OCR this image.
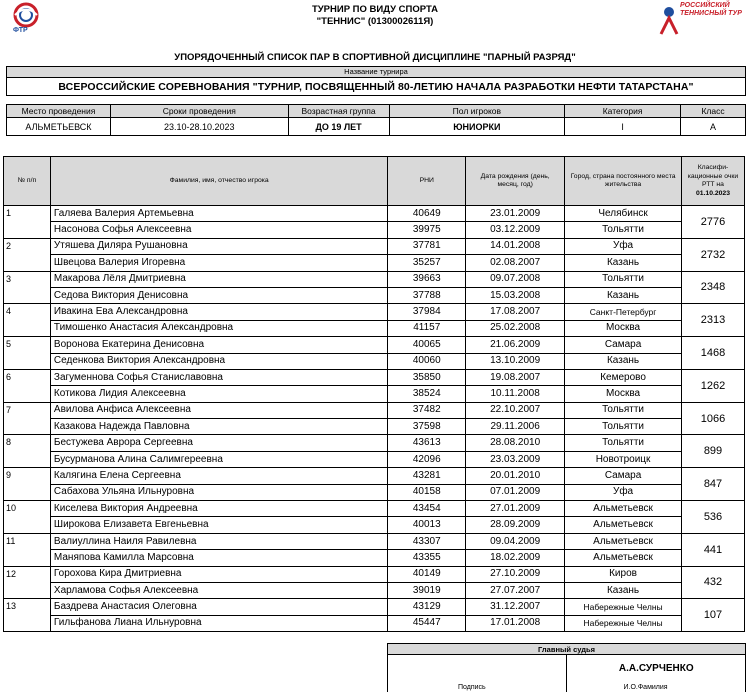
ФТР
РОССИЙСКИЙ ТЕННИСНЫЙ ТУР
ТУРНИР ПО ВИДУ СПОРТА
"ТЕННИС" (0130002611Я)
УПОРЯДОЧЕННЫЙ СПИСОК ПАР В СПОРТИВНОЙ ДИСЦИПЛИНЕ "ПАРНЫЙ РАЗРЯД"
Название турнира
ВСЕРОССИЙСКИЕ СОРЕВНОВАНИЯ "ТУРНИР, ПОСВЯЩЕННЫЙ 80-ЛЕТИЮ НАЧАЛА РАЗРАБОТКИ НЕФТИ ТАТАРСТАНА"
Место проведения	Сроки проведения	Возрастная группа	Пол игроков	Категория	Класс
АЛЬМЕТЬЕВСК	23.10-28.10.2023	ДО 19 ЛЕТ	ЮНИОРКИ	I	А
№ п/п	Фамилия, имя, отчество игрока	РНИ	Дата рождения (день, месяц, год)	Город, страна постоянного места жительства	Класифи-кационные очки РТТ на
01.10.2023
1	Галяева Валерия Артемьевна	40649	23.01.2009	Челябинск	2776
	Насонова Софья Алексеевна	39975	03.12.2009	Тольятти	
2	Утяшева Диляра Рушановна	37781	14.01.2008	Уфа	2732
	Швецова Валерия Игоревна	35257	02.08.2007	Казань	
3	Макарова Лёля Дмитриевна	39663	09.07.2008	Тольятти	2348
	Седова Виктория Денисовна	37788	15.03.2008	Казань	
4	Ивакина Ева Александровна	37984	17.08.2007	Санкт-Петербург	2313
	Тимошенко Анастасия Александровна	41157	25.02.2008	Москва	
5	Воронова Екатерина Денисовна	40065	21.06.2009	Самара	1468
	Седенкова Виктория Александровна	40060	13.10.2009	Казань	
6	Загуменнова Софья Станиславовна	35850	19.08.2007	Кемерово	1262
	Котикова Лидия Алексеевна	38524	10.11.2008	Москва	
7	Авилова Анфиса Алексеевна	37482	22.10.2007	Тольятти	1066
	Казакова Надежда Павловна	37598	29.11.2006	Тольятти	
8	Бестужева Аврора Сергеевна	43613	28.08.2010	Тольятти	899
	Бусурманова Алина Салимгереевна	42096	23.03.2009	Новотроицк	
9	Калягина Елена Сергеевна	43281	20.01.2010	Самара	847
	Сабахова Ульяна Ильнуровна	40158	07.01.2009	Уфа	
10	Киселева Виктория Андреевна	43454	27.01.2009	Альметьевск	536
	Широкова Елизавета Евгеньевна	40013	28.09.2009	Альметьевск	
11	Валиуллина Наиля Равилевна	43307	09.04.2009	Альметьевск	441
	Маняпова Камилла Марсовна	43355	18.02.2009	Альметьевск	
12	Горохова Кира Дмитриевна	40149	27.10.2009	Киров	432
	Харламова Софья Алексеевна	39019	27.07.2007	Казань	
13	Баздрева Анастасия Олеговна	43129	31.12.2007	Набережные Челны	107
	Гильфанова Лиана Ильнуровна	45447	17.01.2008	Набережные Челны	
Главный судья

Подпись

А.А.СУРЧЕНКО
И.О.Фамилия
